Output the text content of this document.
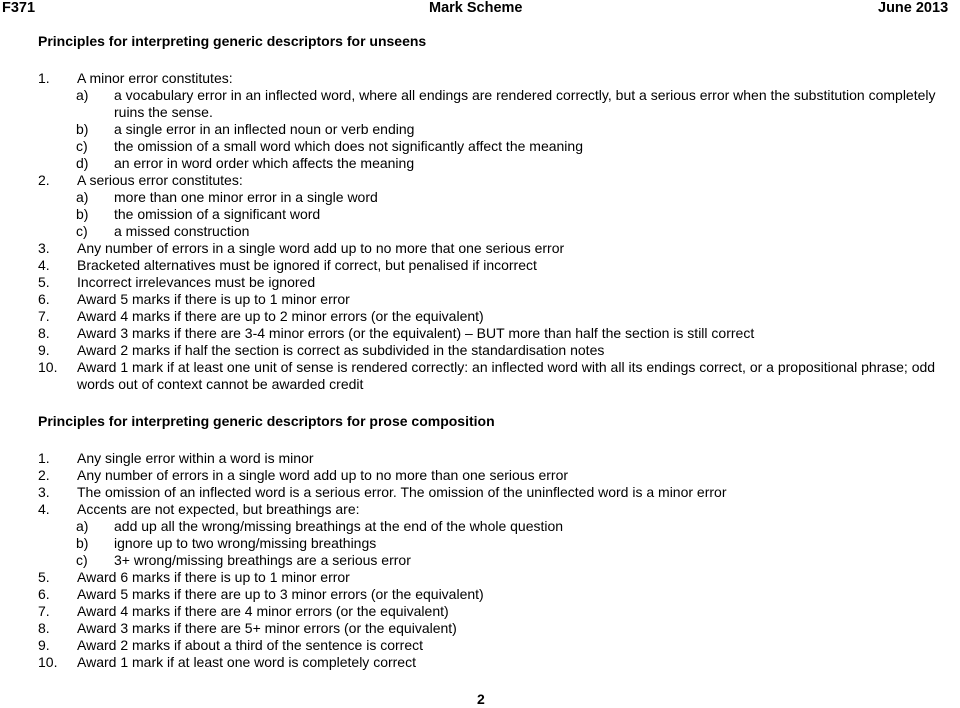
F371	Mark Scheme	June 2013
Principles for interpreting generic descriptors for unseens
1.	A minor error constitutes:
a)	a vocabulary error in an inflected word, where all endings are rendered correctly, but a serious error when the substitution completely ruins the sense.
b)	a single error in an inflected noun or verb ending
c)	the omission of a small word which does not significantly affect the meaning
d)	an error in word order which affects the meaning
2.	A serious error constitutes:
a)	more than one minor error in a single word
b)	the omission of a significant word
c)	a missed construction
3.	Any number of errors in a single word add up to no more that one serious error
4.	Bracketed alternatives must be ignored if correct, but penalised if incorrect
5.	Incorrect irrelevances must be ignored
6.	Award 5 marks if there is up to 1 minor error
7.	Award 4 marks if there are up to 2 minor errors (or the equivalent)
8.	Award 3 marks if there are 3-4 minor errors (or the equivalent) – BUT more than half the section is still correct
9.	Award 2 marks if half the section is correct as subdivided in the standardisation notes
10.	Award 1 mark if at least one unit of sense is rendered correctly: an inflected word with all its endings correct, or a propositional phrase; odd words out of context cannot be awarded credit
Principles for interpreting generic descriptors for prose composition
1.	Any single error within a word is minor
2.	Any number of errors in a single word add up to no more than one serious error
3.	The omission of an inflected word is a serious error. The omission of the uninflected word is a minor error
4.	Accents are not expected, but breathings are:
a)	add up all the wrong/missing breathings at the end of the whole question
b)	ignore up to two wrong/missing breathings
c)	3+ wrong/missing breathings are a serious error
5.	Award 6 marks if there is up to 1 minor error
6.	Award 5 marks if there are up to 3 minor errors (or the equivalent)
7.	Award 4 marks if there are 4 minor errors (or the equivalent)
8.	Award 3 marks if there are 5+ minor errors (or the equivalent)
9.	Award 2 marks if about a third of the sentence is correct
10.	Award 1 mark if at least one word is completely correct
2
